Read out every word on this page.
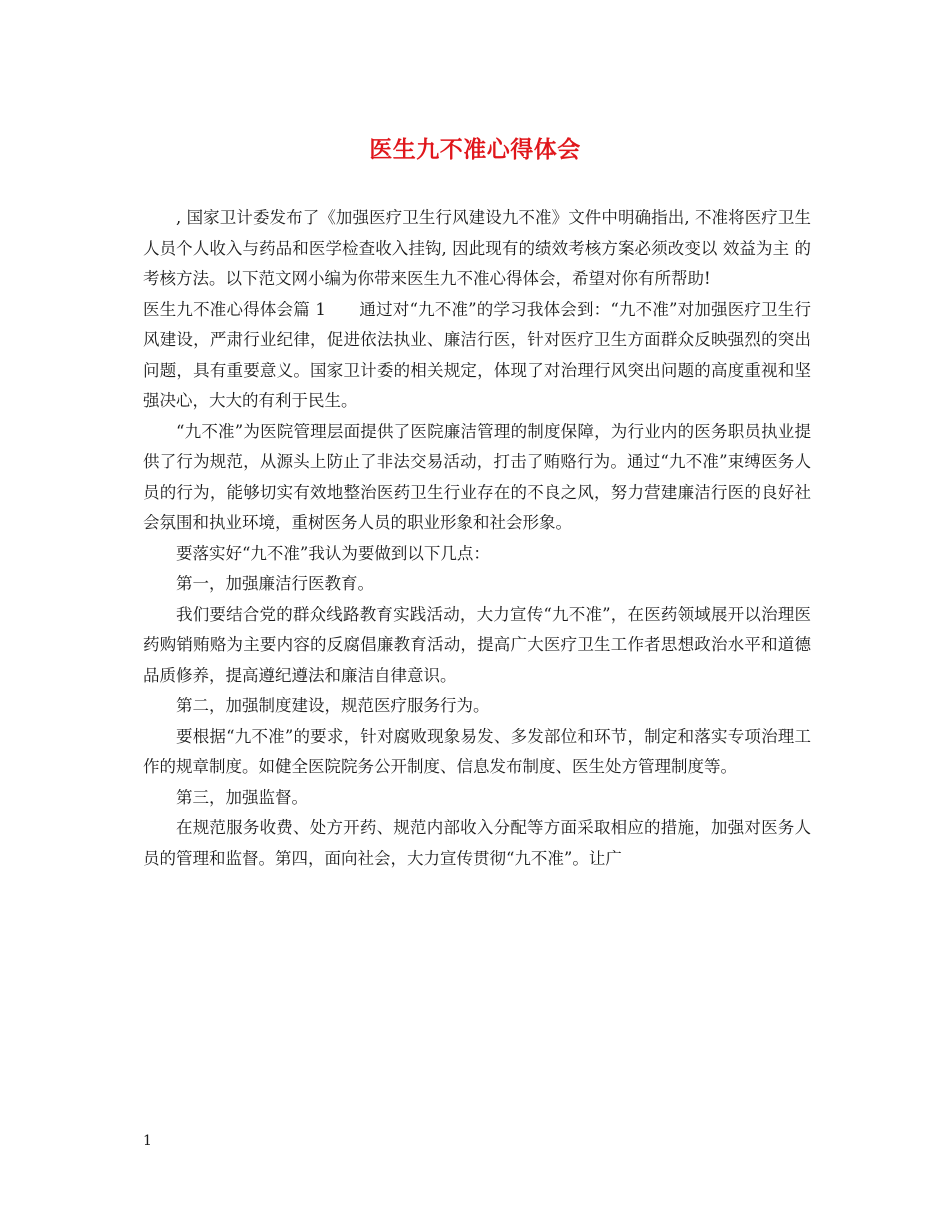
医生九不准心得体会

, 国家卫计委发布了《加强医疗卫生行风建设九不准》文件中明确指出, 不准将医疗卫生人员个人收入与药品和医学检查收入挂钩, 因此现有的绩效考核方案必须改变以 效益为主 的考核方法。以下范文网小编为你带来医生九不准心得体会，希望对你有所帮助!

医生九不准心得体会篇 1　　通过对“九不准”的学习我体会到：“九不准”对加强医疗卫生行风建设，严肃行业纪律，促进依法执业、廉洁行医，针对医疗卫生方面群众反映强烈的突出问题，具有重要意义。国家卫计委的相关规定，体现了对治理行风突出问题的高度重视和坚强决心，大大的有利于民生。

“九不准”为医院管理层面提供了医院廉洁管理的制度保障，为行业内的医务职员执业提供了行为规范，从源头上防止了非法交易活动，打击了贿赂行为。通过“九不准”束缚医务人员的行为，能够切实有效地整治医药卫生行业存在的不良之风，努力营建廉洁行医的良好社会氛围和执业环境，重树医务人员的职业形象和社会形象。

要落实好“九不准”我认为要做到以下几点：

第一，加强廉洁行医教育。

我们要结合党的群众线路教育实践活动，大力宣传“九不准”，在医药领域展开以治理医药购销贿赂为主要内容的反腐倡廉教育活动，提高广大医疗卫生工作者思想政治水平和道德品质修养，提高遵纪遵法和廉洁自律意识。

第二，加强制度建设，规范医疗服务行为。

要根据“九不准”的要求，针对腐败现象易发、多发部位和环节，制定和落实专项治理工作的规章制度。如健全医院院务公开制度、信息发布制度、医生处方管理制度等。

第三，加强监督。

在规范服务收费、处方开药、规范内部收入分配等方面采取相应的措施，加强对医务人员的管理和监督。第四，面向社会，大力宣传贯彻“九不准”。让广

1
